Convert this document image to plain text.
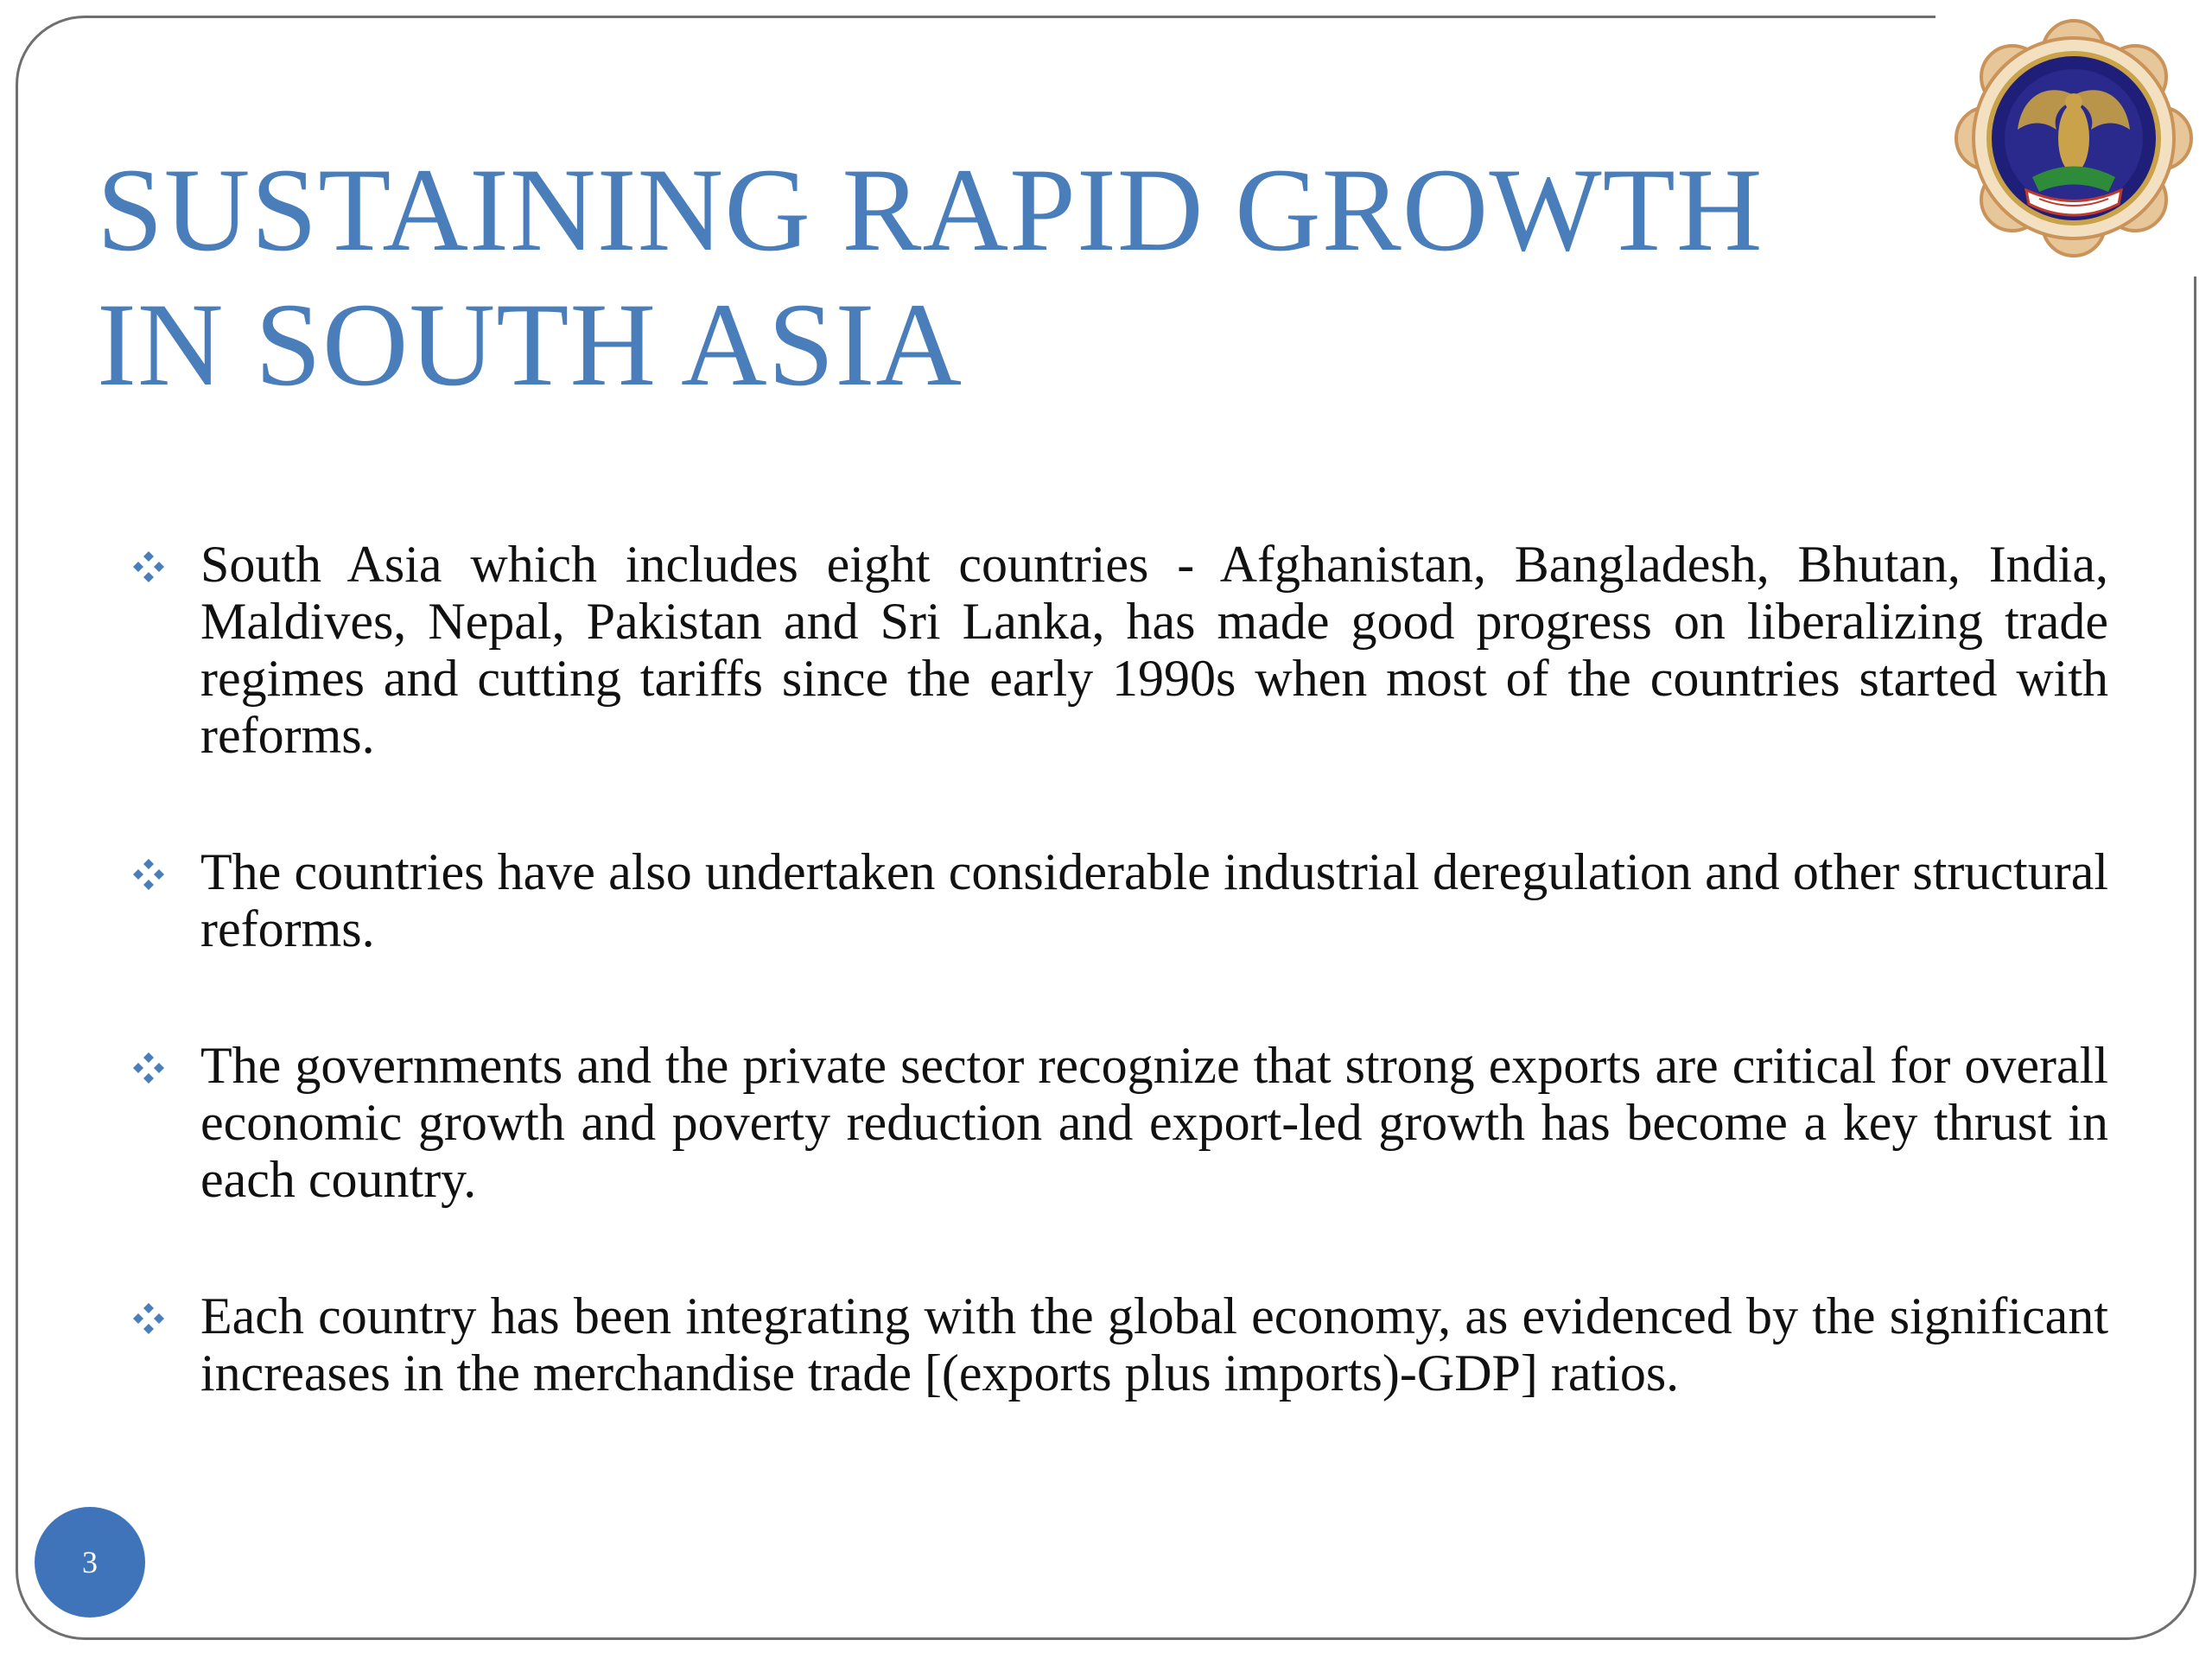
SUSTAINING RAPID GROWTH
IN SOUTH ASIA
South Asia which includes eight countries - Afghanistan, Bangladesh, Bhutan, India, Maldives, Nepal, Pakistan and Sri Lanka, has made good progress on liberalizing trade regimes and cutting tariffs since the early 1990s when most of the countries started with reforms.
The countries have also undertaken considerable industrial deregulation and other structural reforms.
The governments and the private sector recognize that strong exports are critical for overall economic growth and poverty reduction and export-led growth has become a key thrust in each country.
Each country has been integrating with the global economy, as evidenced by the significant increases in the merchandise trade [(exports plus imports)-GDP] ratios.
3
